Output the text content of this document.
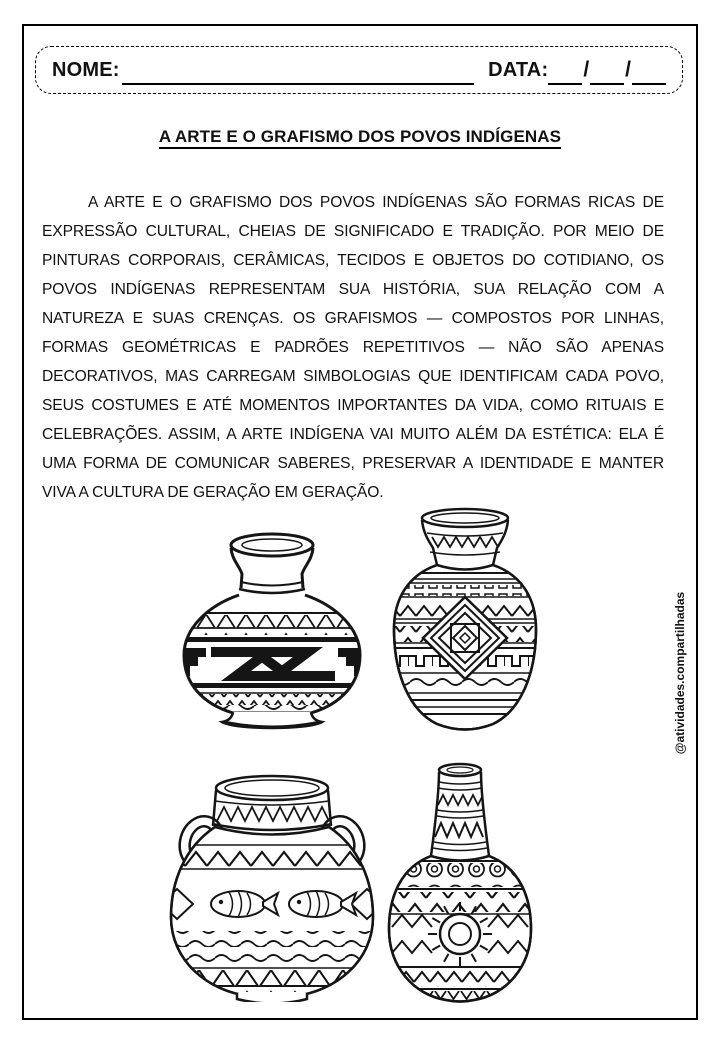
NOME:	DATA: / /
A ARTE E O GRAFISMO DOS POVOS INDÍGENAS

A ARTE E O GRAFISMO DOS POVOS INDÍGENAS SÃO FORMAS RICAS DE EXPRESSÃO CULTURAL, CHEIAS DE SIGNIFICADO E TRADIÇÃO. POR MEIO DE PINTURAS CORPORAIS, CERÂMICAS, TECIDOS E OBJETOS DO COTIDIANO, OS POVOS INDÍGENAS REPRESENTAM SUA HISTÓRIA, SUA RELAÇÃO COM A NATUREZA E SUAS CRENÇAS. OS GRAFISMOS — COMPOSTOS POR LINHAS, FORMAS GEOMÉTRICAS E PADRÕES REPETITIVOS — NÃO SÃO APENAS DECORATIVOS, MAS CARREGAM SIMBOLOGIAS QUE IDENTIFICAM CADA POVO, SEUS COSTUMES E ATÉ MOMENTOS IMPORTANTES DA VIDA, COMO RITUAIS E CELEBRAÇÕES. ASSIM, A ARTE INDÍGENA VAI MUITO ALÉM DA ESTÉTICA: ELA É UMA FORMA DE COMUNICAR SABERES, PRESERVAR A IDENTIDADE E MANTER VIVA A CULTURA DE GERAÇÃO EM GERAÇÃO.

@atividades.compartilhadas
